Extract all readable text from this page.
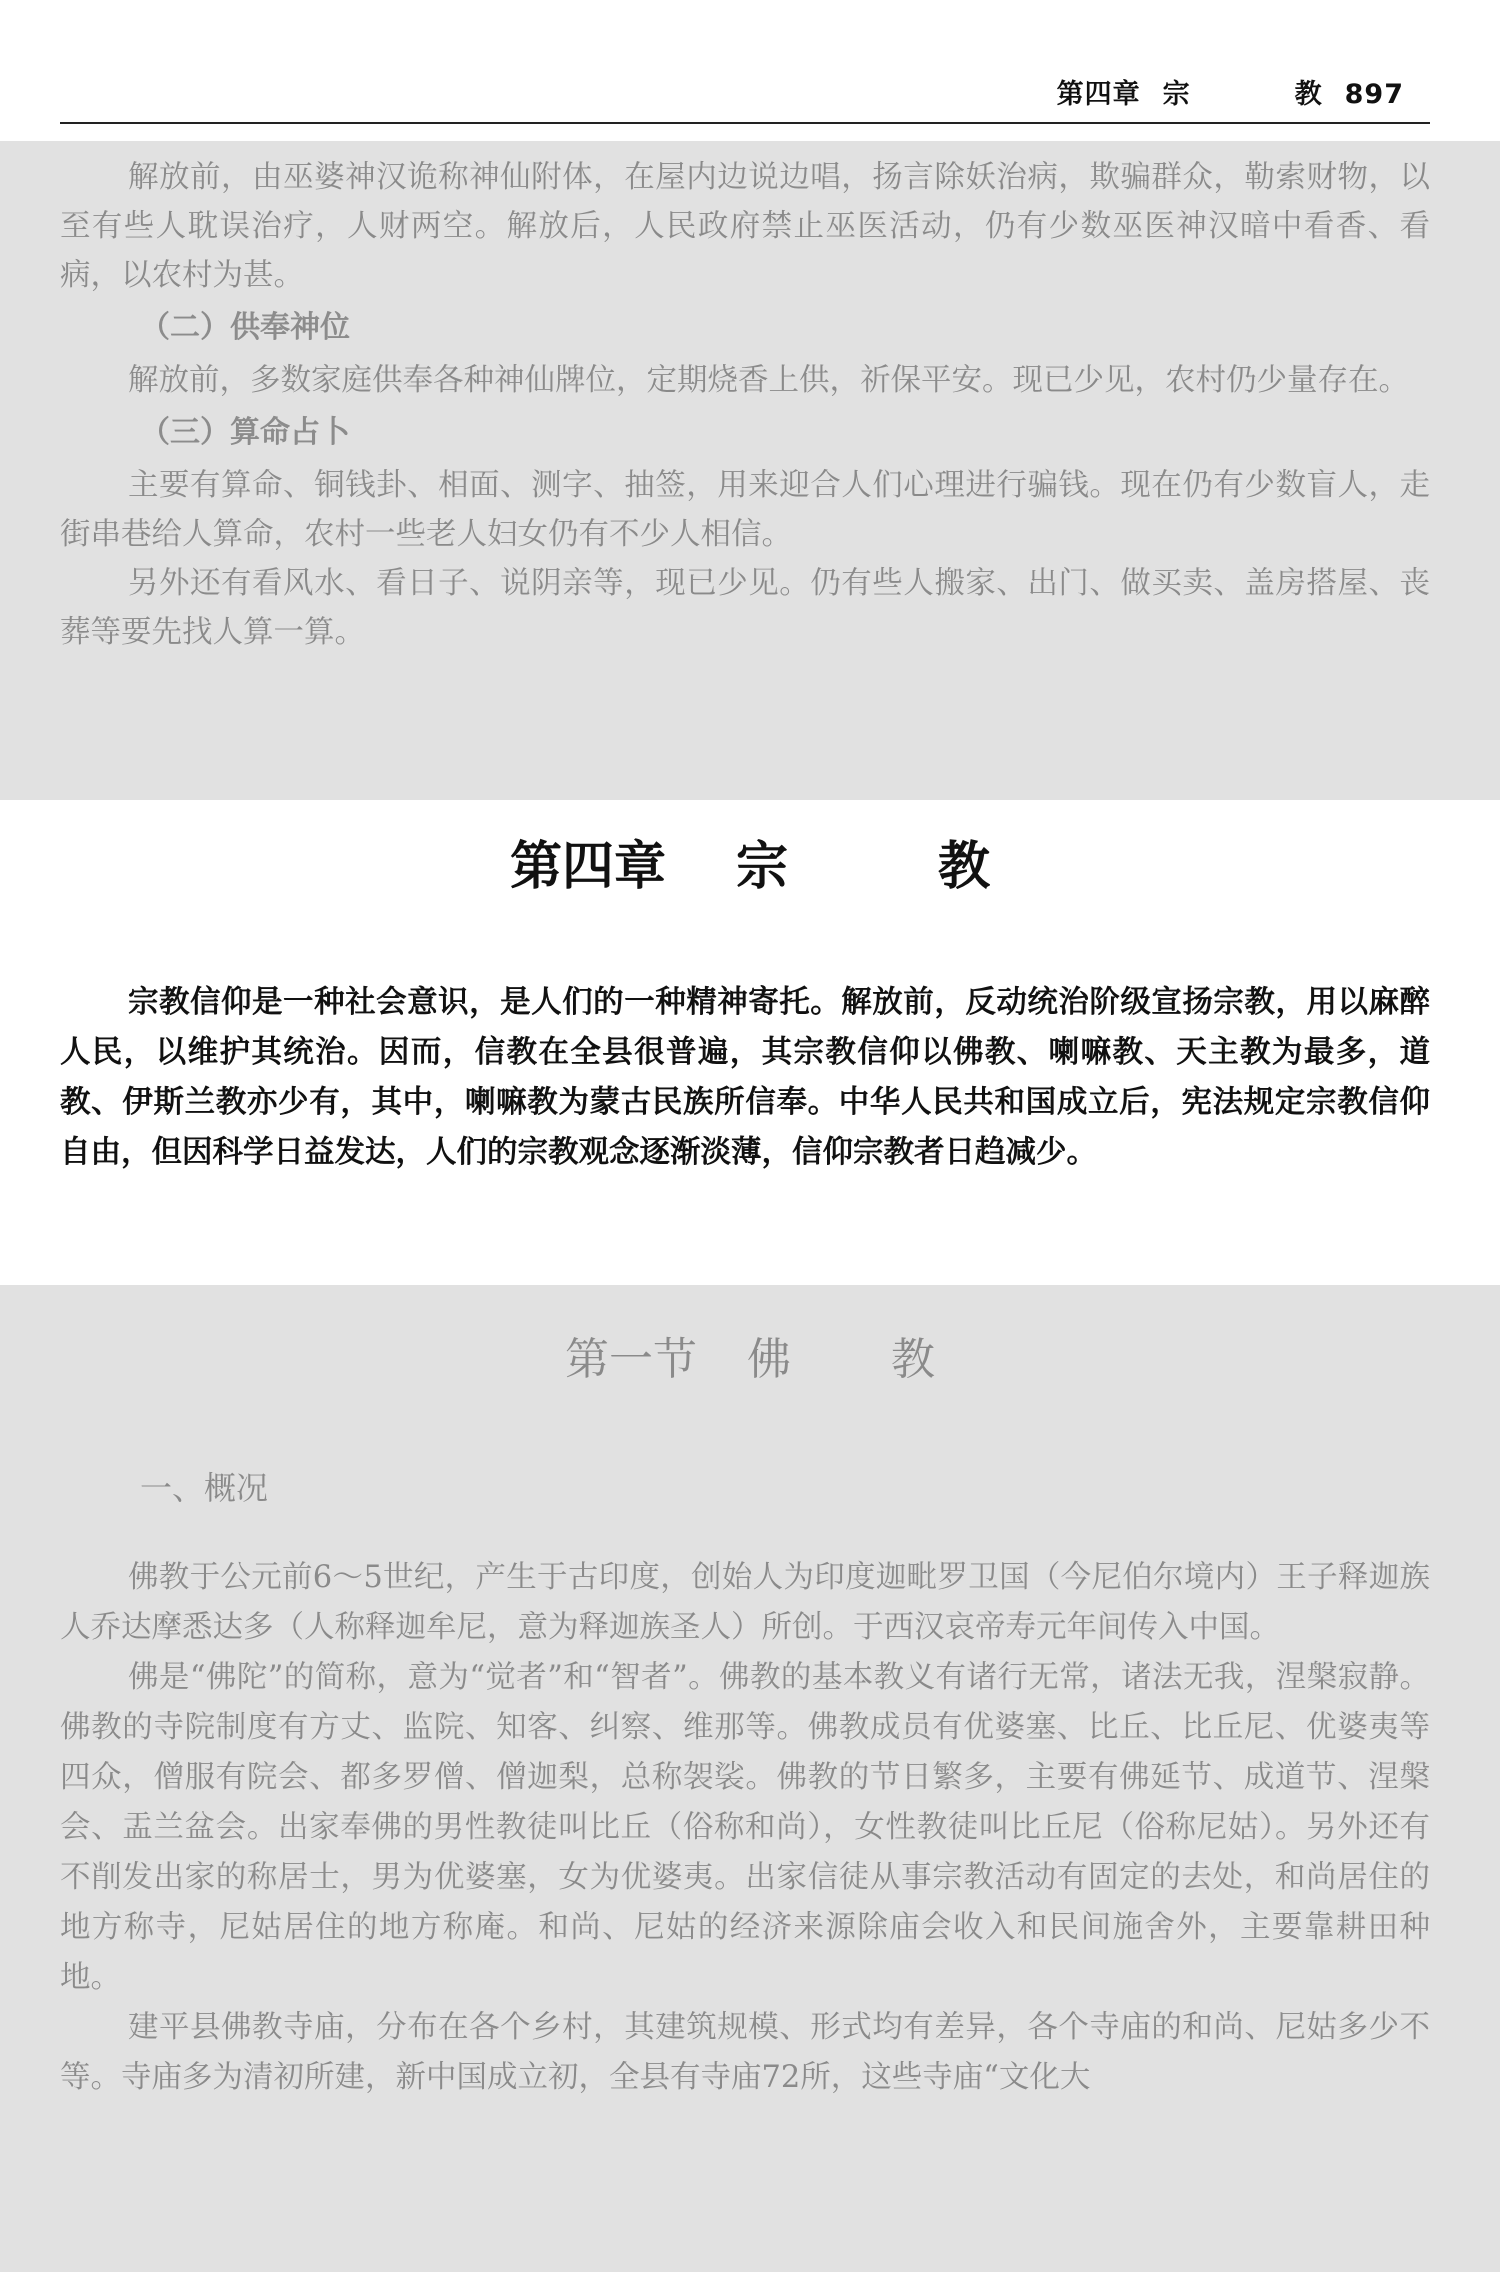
第四章 宗	教 897

解放前，由巫婆神汉诡称神仙附体，在屋内边说边唱，扬言除妖治病，欺骗群众，勒索财物，以至有些人耽误治疗，人财两空。解放后，人民政府禁止巫医活动，仍有少数巫医神汉暗中看香、看病，以农村为甚。

（二）供奉神位

解放前，多数家庭供奉各种神仙牌位，定期烧香上供，祈保平安。现已少见，农村仍少量存在。

（三）算命占卜

主要有算命、铜钱卦、相面、测字、抽签，用来迎合人们心理进行骗钱。现在仍有少数盲人，走街串巷给人算命，农村一些老人妇女仍有不少人相信。

另外还有看风水、看日子、说阴亲等，现已少见。仍有些人搬家、出门、做买卖、盖房搭屋、丧葬等要先找人算一算。

第四章 宗	教

宗教信仰是一种社会意识，是人们的一种精神寄托。解放前，反动统治阶级宣扬宗教，用以麻醉人民，以维护其统治。因而，信教在全县很普遍，其宗教信仰以佛教、喇嘛教、天主教为最多，道教、伊斯兰教亦少有，其中，喇嘛教为蒙古民族所信奉。中华人民共和国成立后，宪法规定宗教信仰自由，但因科学日益发达，人们的宗教观念逐渐淡薄，信仰宗教者日趋减少。

第一节 佛 教
一、概况

佛教于公元前6～5世纪，产生于古印度，创始人为印度迦毗罗卫国（今尼伯尔境内）王子释迦族人乔达摩悉达多（人称释迦牟尼，意为释迦族圣人）所创。于西汉哀帝寿元年间传入中国。

佛是“佛陀”的简称，意为“觉者”和“智者”。佛教的基本教义有诸行无常，诸法无我，涅槃寂静。佛教的寺院制度有方丈、监院、知客、纠察、维那等。佛教成员有优婆塞、比丘、比丘尼、优婆夷等四众，僧服有院会、都多罗僧、僧迦梨，总称袈裟。佛教的节日繁多，主要有佛延节、成道节、涅槃会、盂兰盆会。出家奉佛的男性教徒叫比丘（俗称和尚），女性教徒叫比丘尼（俗称尼姑）。另外还有不削发出家的称居士，男为优婆塞，女为优婆夷。出家信徒从事宗教活动有固定的去处，和尚居住的地方称寺，尼姑居住的地方称庵。和尚、尼姑的经济来源除庙会收入和民间施舍外，主要靠耕田种地。

建平县佛教寺庙，分布在各个乡村，其建筑规模、形式均有差异，各个寺庙的和尚、尼姑多少不等。寺庙多为清初所建，新中国成立初，全县有寺庙72所，这些寺庙“文化大
